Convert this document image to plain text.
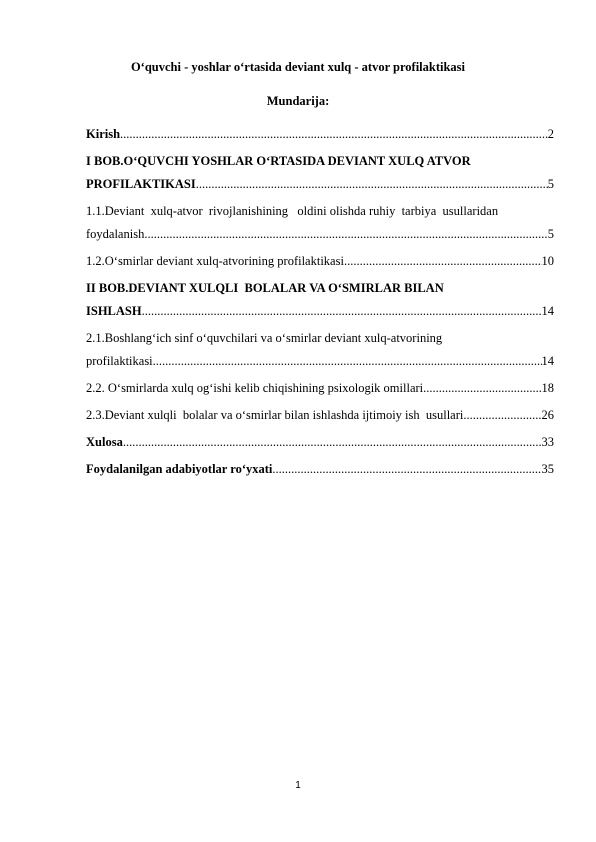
O‘quvchi - yoshlar o‘rtasida deviant xulq - atvor profilaktikasi
Mundarija:
Kirish .....	2
I BOB.O‘QUVCHI YOSHLAR O‘RTASIDA DEVIANT XULQ ATVOR
PROFILAKTIKASI .....	5
1.1.Deviant  xulq-atvor  rivojlanishining   oldini olishda ruhiy  tarbiya  usullaridan
foydalanish .....	5
1.2.O‘smirlar deviant xulq-atvorining profilaktikasi .....	10
II BOB.DEVIANT XULQLI  BOLALAR VA O‘SMIRLAR BILAN
ISHLASH .....	14
2.1.Boshlang‘ich sinf o‘quvchilari va o‘smirlar deviant xulq-atvorining
profilaktikasi .....	14
2.2. O‘smirlarda xulq og‘ishi kelib chiqishining psixologik omillari .....	18
2.3.Deviant xulqli  bolalar va o‘smirlar bilan ishlashda ijtimoiy ish  usullari .....	26
Xulosa .....	33
Foydalanilgan adabiyotlar ro‘yxati .....	35
1
